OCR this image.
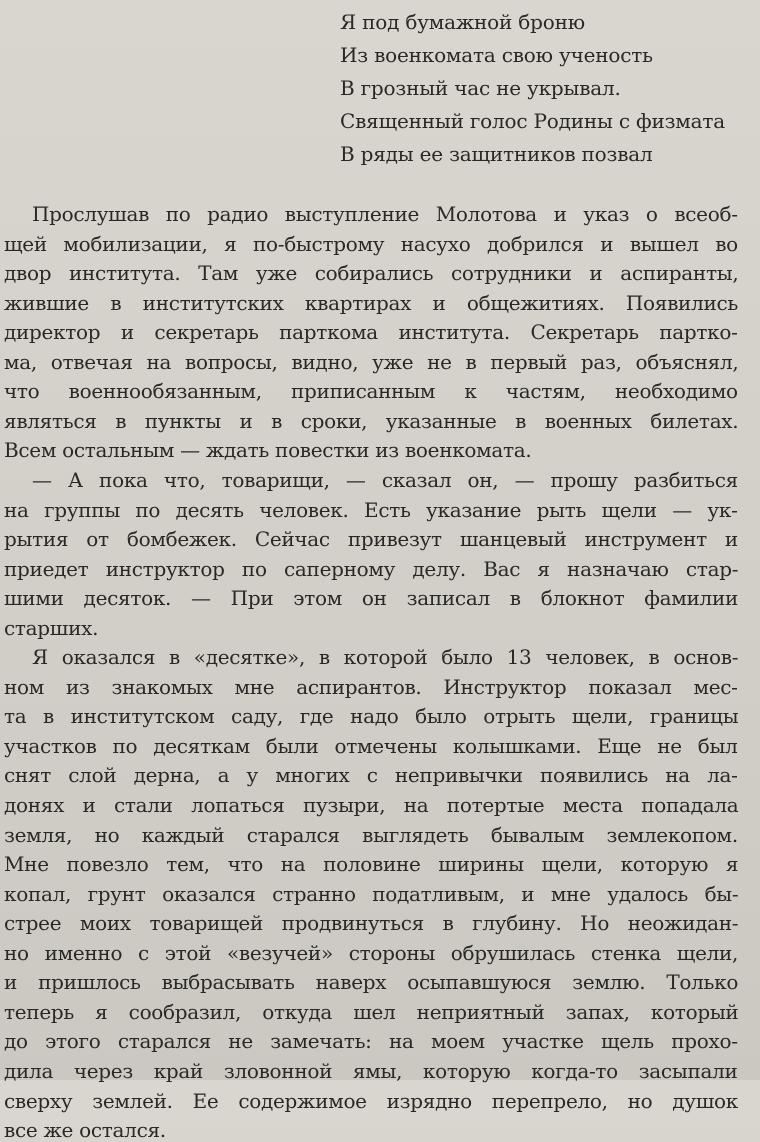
Я под бумажной броню
Из военкомата свою ученость
В грозный час не укрывал.
Священный голос Родины с физмата
В ряды ее защитников позвал
Прослушав по радио выступление Молотова и указ о всеоб-
щей мобилизации, я по-быстрому насухо добрился и вышел во
двор института. Там уже собирались сотрудники и аспиранты,
жившие в институтских квартирах и общежитиях. Появились
директор и секретарь парткома института. Секретарь партко-
ма, отвечая на вопросы, видно, уже не в первый раз, объяснял,
что военнообязанным, приписанным к частям, необходимо
являться в пункты и в сроки, указанные в военных билетах.
Всем остальным — ждать повестки из военкомата.
— А пока что, товарищи, — сказал он, — прошу разбиться
на группы по десять человек. Есть указание рыть щели — ук-
рытия от бомбежек. Сейчас привезут шанцевый инструмент и
приедет инструктор по саперному делу. Вас я назначаю стар-
шими десяток. — При этом он записал в блокнот фамилии
старших.
Я оказался в «десятке», в которой было 13 человек, в основ-
ном из знакомых мне аспирантов. Инструктор показал мес-
та в институтском саду, где надо было отрыть щели, границы
участков по десяткам были отмечены колышками. Еще не был
снят слой дерна, а у многих с непривычки появились на ла-
донях и стали лопаться пузыри, на потертые места попадала
земля, но каждый старался выглядеть бывалым землекопом.
Мне повезло тем, что на половине ширины щели, которую я
копал, грунт оказался странно податливым, и мне удалось бы-
стрее моих товарищей продвинуться в глубину. Но неожидан-
но именно с этой «везучей» стороны обрушилась стенка щели,
и пришлось выбрасывать наверх осыпавшуюся землю. Только
теперь я сообразил, откуда шел неприятный запах, который
до этого старался не замечать: на моем участке щель прохо-
дила через край зловонной ямы, которую когда-то засыпали
сверху землей. Ее содержимое изрядно перепрело, но душок
все же остался.
